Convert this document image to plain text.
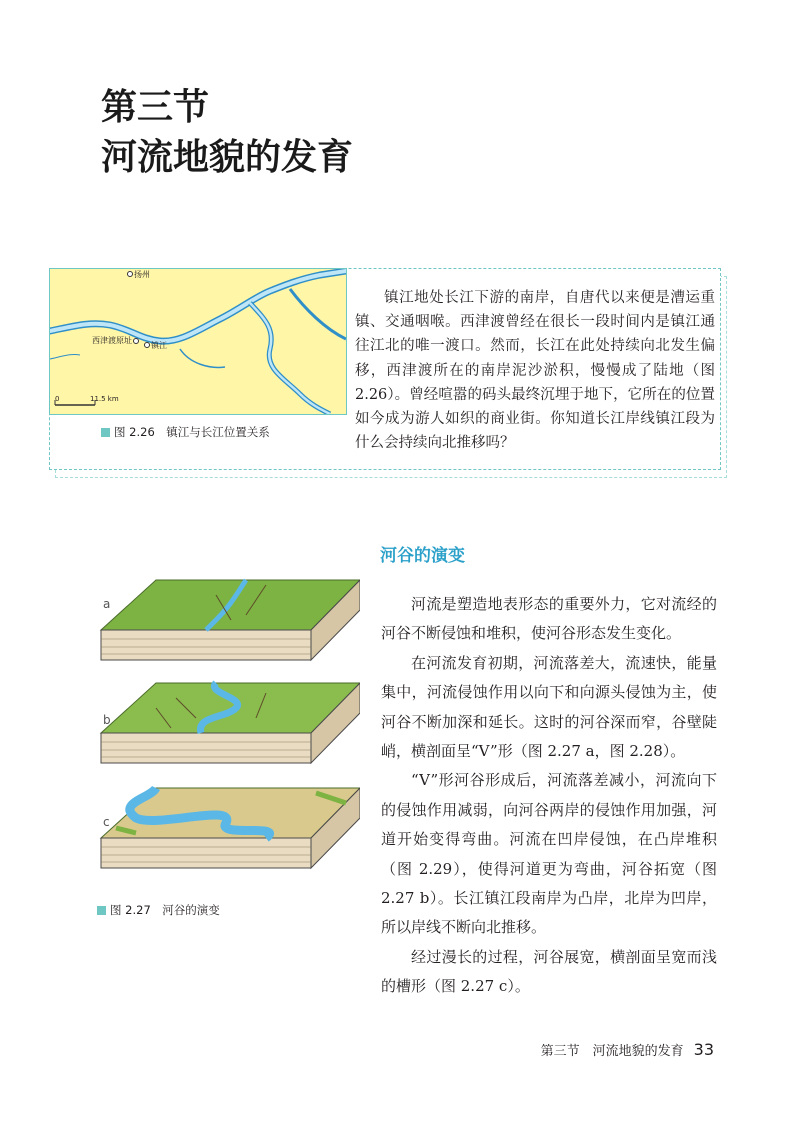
第三节
河流地貌的发育
扬州
西津渡原址
镇江
0	11.5 km
图 2.26　镇江与长江位置关系

镇江地处长江下游的南岸，自唐代以来便是漕运重镇、交通咽喉。西津渡曾经在很长一段时间内是镇江通往江北的唯一渡口。然而，长江在此处持续向北发生偏移，西津渡所在的南岸泥沙淤积，慢慢成了陆地（图 2.26）。曾经喧嚣的码头最终沉埋于地下，它所在的位置如今成为游人如织的商业街。你知道长江岸线镇江段为什么会持续向北推移吗？

河谷的演变
a
b
c
图 2.27　河谷的演变

河流是塑造地表形态的重要外力，它对流经的河谷不断侵蚀和堆积，使河谷形态发生变化。

在河流发育初期，河流落差大，流速快，能量集中，河流侵蚀作用以向下和向源头侵蚀为主，使河谷不断加深和延长。这时的河谷深而窄，谷壁陡峭，横剖面呈“V”形（图 2.27 a，图 2.28）。

“V”形河谷形成后，河流落差减小，河流向下的侵蚀作用减弱，向河谷两岸的侵蚀作用加强，河道开始变得弯曲。河流在凹岸侵蚀，在凸岸堆积（图 2.29），使得河道更为弯曲，河谷拓宽（图 2.27 b）。长江镇江段南岸为凸岸，北岸为凹岸，所以岸线不断向北推移。

经过漫长的过程，河谷展宽，横剖面呈宽而浅的槽形（图 2.27 c）。

第三节　河流地貌的发育 33
